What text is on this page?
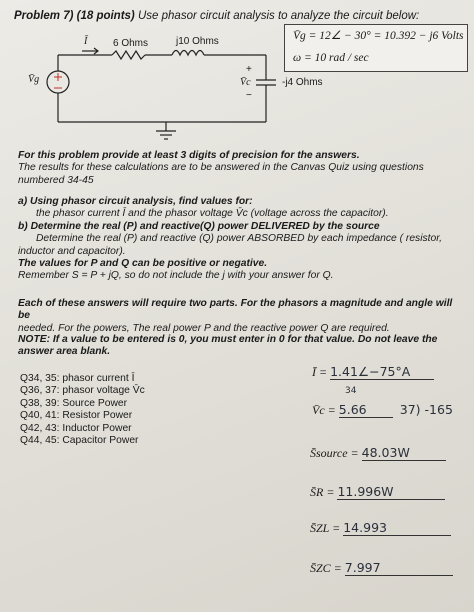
Problem 7) (18 points) Use phasor circuit analysis to analyze the circuit below:
V̄g = 12∠ − 30° = 10.392 − j6 Volts
ω = 10 rad / sec
Ī	6 Ohms	j10 Ohms
V̄g
+
V̄c
−
-j4 Ohms
For this problem provide at least 3 digits of precision for the answers.
The results for these calculations are to be answered in the Canvas Quiz using questions
numbered 34-45
a) Using phasor circuit analysis, find values for:
the phasor current Ī and the phasor voltage V̄c (voltage across the capacitor).
b) Determine the real (P) and reactive(Q) power DELIVERED by the source
Determine the real (P) and reactive (Q) power ABSORBED by each impedance ( resistor,
inductor and capacitor).
The values for P and Q can be positive or negative.
Remember S = P + jQ, so do not include the j with your answer for Q.
Each of these answers will require two parts. For the phasors a magnitude and angle will be
needed. For the powers, The real power P and the reactive power Q are required.
NOTE: If a value to be entered is 0, you must enter in 0 for that value. Do not leave the
answer area blank.
Q34, 35: phasor current Ī
Q36, 37: phasor voltage V̄c
Q38, 39: Source Power
Q40, 41: Resistor Power
Q42, 43: Inductor Power
Q44, 45: Capacitor Power
Ī = 1.41∠−75°A
34
V̄c = 5.66	37) -165
S̄source = 48.03W
S̄R = 11.996W
S̄ZL = 14.993
S̄ZC = 7.997
